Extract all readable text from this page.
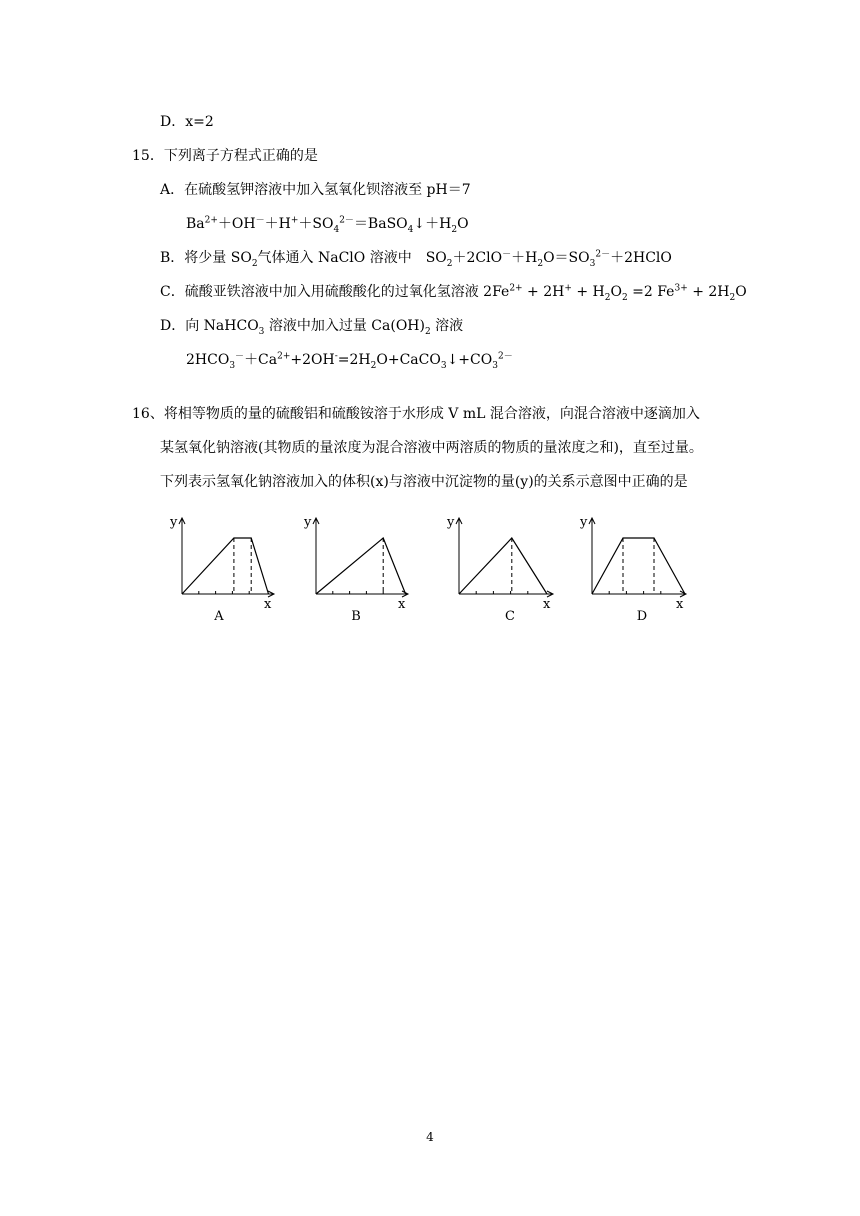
D．x=2
15．下列离子方程式正确的是
A．在硫酸氢钾溶液中加入氢氧化钡溶液至 pH＝7
$Ba^{2+}+OH^-+H^++SO_4^{2-}=BaSO_4↓+H_2O$
B．将少量 $SO_2$气体通入 NaClO 溶液中　$SO_2+2ClO^-+H_2O=SO_3^{2-}+2HClO$
C．硫酸亚铁溶液中加入用硫酸酸化的过氧化氢溶液 $2Fe^{2+} + 2H^+ + H_2O_2 =2$ $Fe^{3+} + 2H_2O$
D．向 NaHCO$_3$ 溶液中加入过量 $Ca(OH)_2$ 溶液
$2HCO_3^-+Ca^{2+}+2OH^-=2H_2O+CaCO_3↓+CO_3^{2-}$
16、将相等物质的量的硫酸铝和硫酸铵溶于水形成 V mL 混合溶液，向混合溶液中逐滴加入
某氢氧化钠溶液(其物质的量浓度为混合溶液中两溶质的物质的量浓度之和)，直至过量。
下列表示氢氧化钠溶液加入的体积(x)与溶液中沉淀物的量(y)的关系示意图中正确的是
y
x
A
y
x
B
y
x
C
y
x
D
4
